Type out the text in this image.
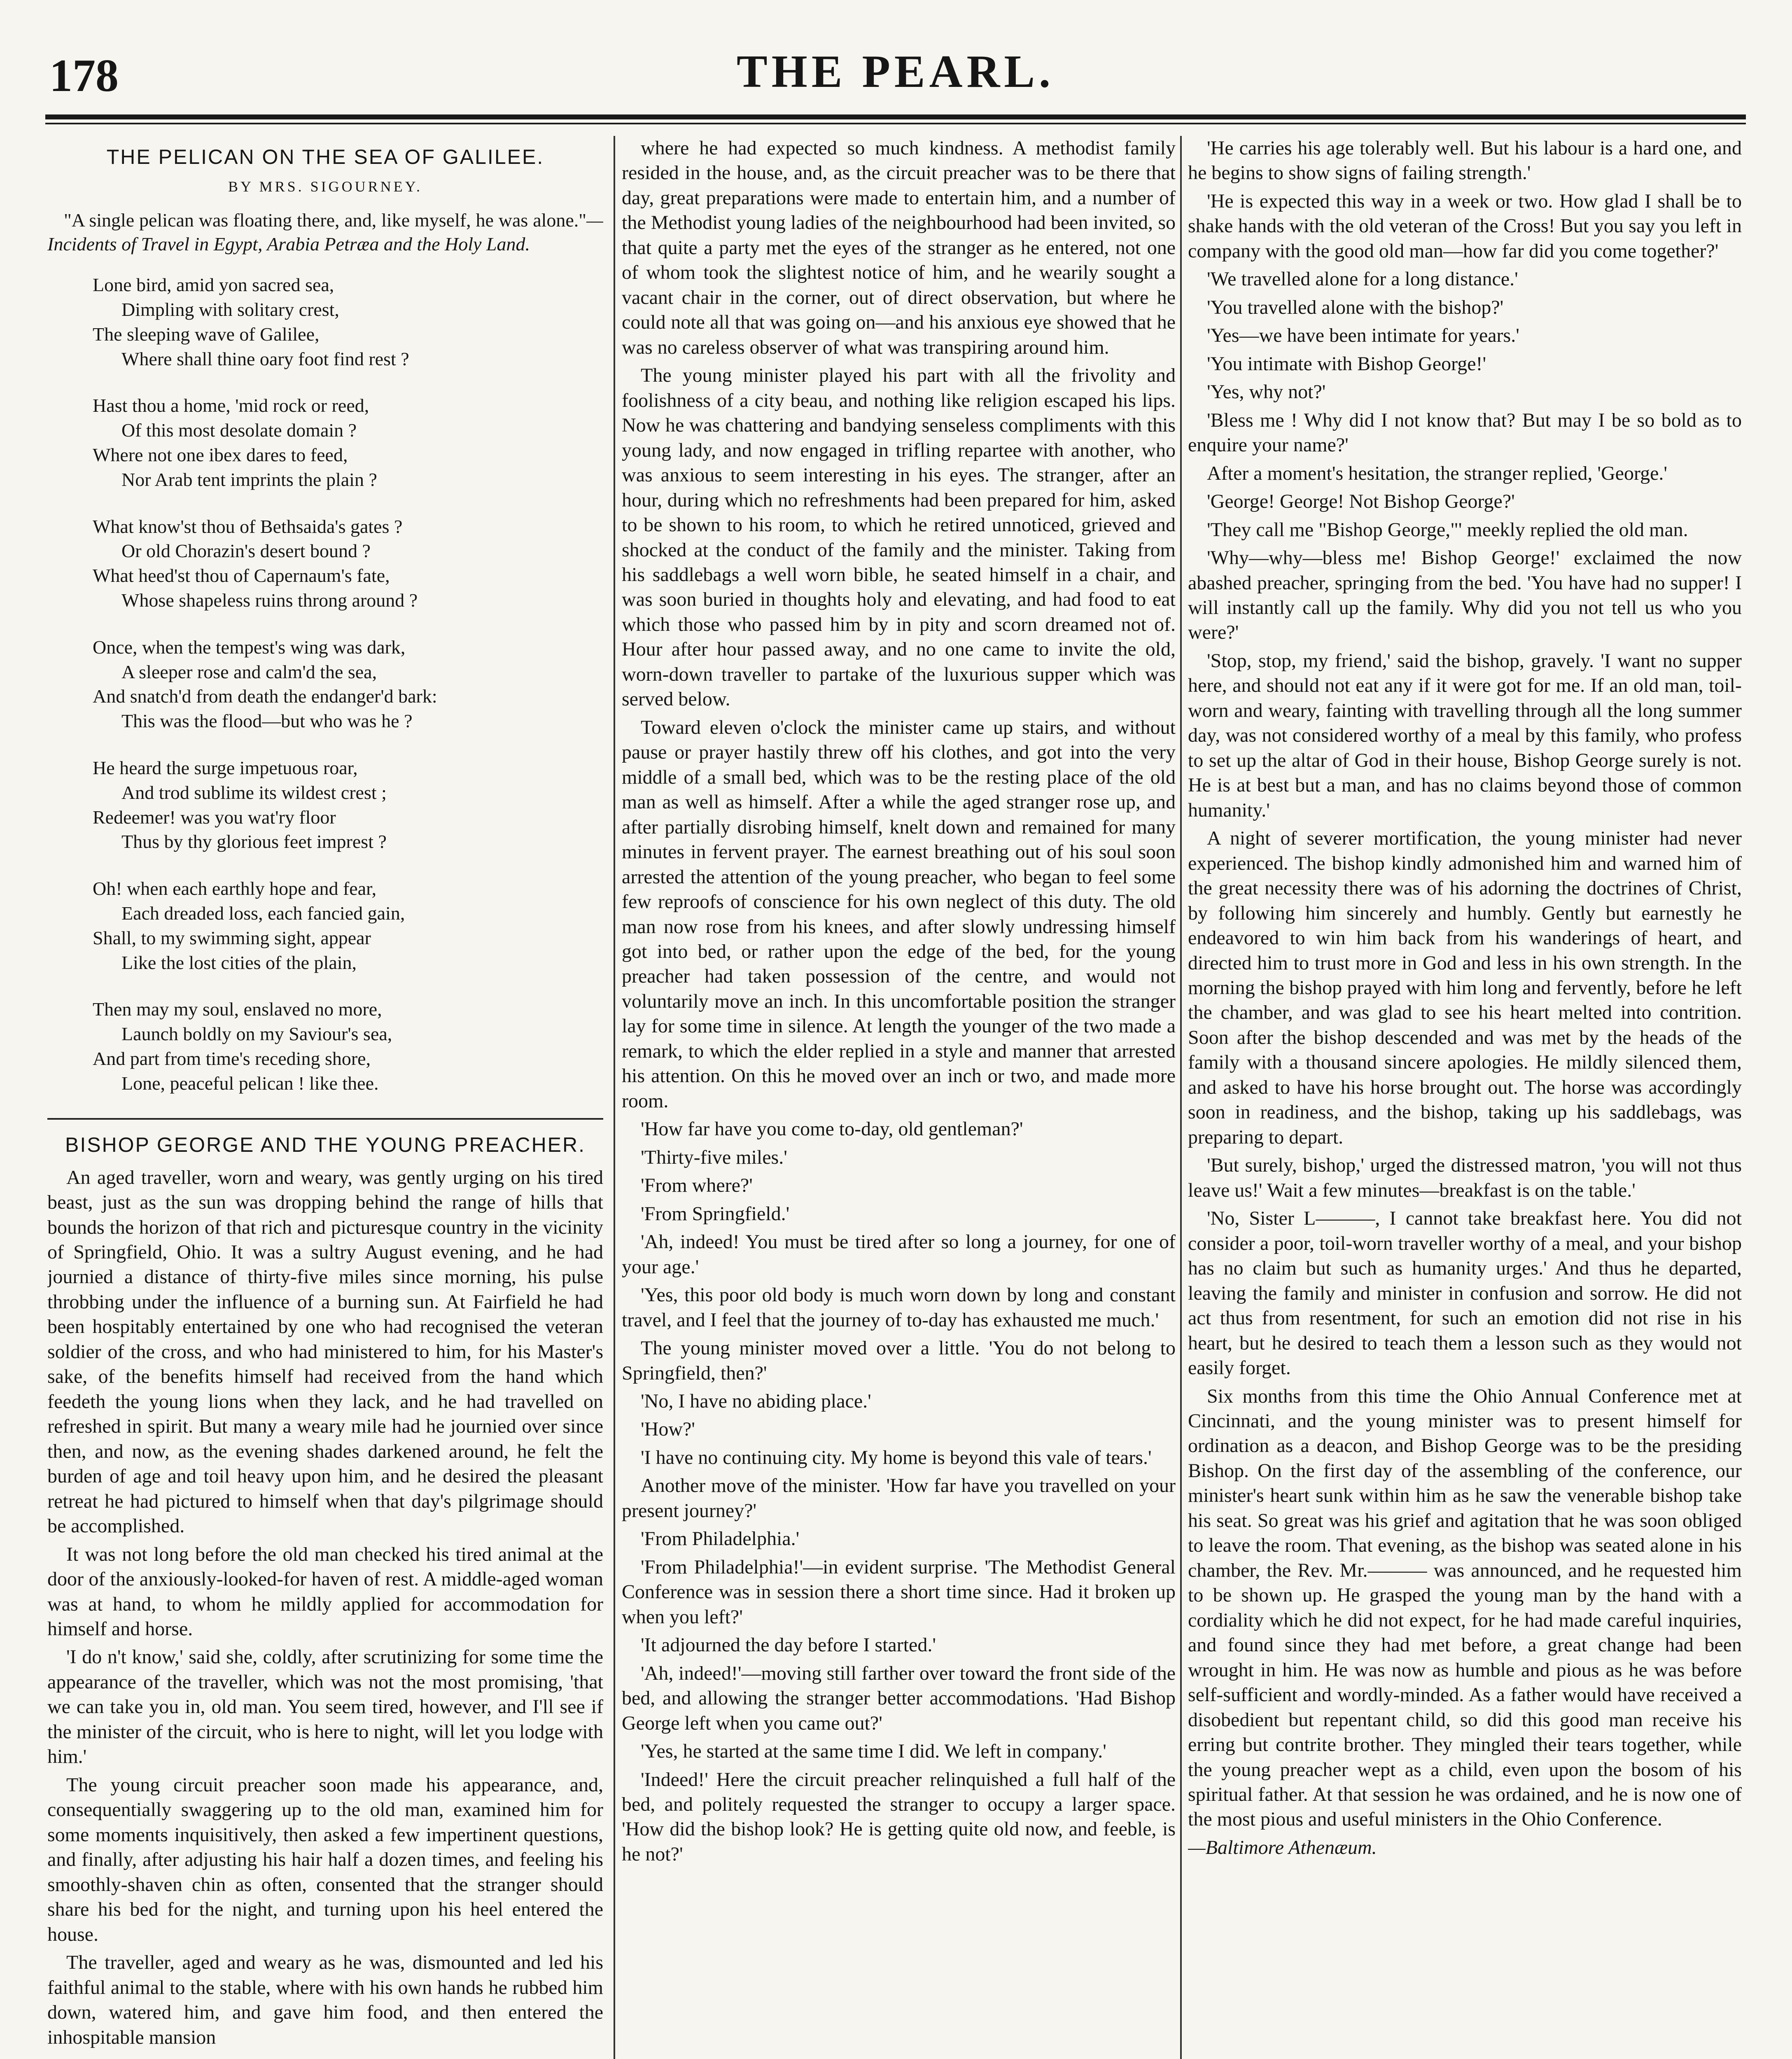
THE PEARL.
178
THE PELICAN ON THE SEA OF GALILEE.
BY MRS. SIGOURNEY.

"A single pelican was floating there, and, like myself, he was alone."—Incidents of Travel in Egypt, Arabia Petræa and the Holy Land.

Lone bird, amid yon sacred sea,
Dimpling with solitary crest,
The sleeping wave of Galilee,
Where shall thine oary foot find rest ?
Hast thou a home, 'mid rock or reed,
Of this most desolate domain ?
Where not one ibex dares to feed,
Nor Arab tent imprints the plain ?
What know'st thou of Bethsaida's gates ?
Or old Chorazin's desert bound ?
What heed'st thou of Capernaum's fate,
Whose shapeless ruins throng around ?
Once, when the tempest's wing was dark,
A sleeper rose and calm'd the sea,
And snatch'd from death the endanger'd bark:
This was the flood—but who was he ?
He heard the surge impetuous roar,
And trod sublime its wildest crest ;
Redeemer! was you wat'ry floor
Thus by thy glorious feet imprest ?
Oh! when each earthly hope and fear,
Each dreaded loss, each fancied gain,
Shall, to my swimming sight, appear
Like the lost cities of the plain,
Then may my soul, enslaved no more,
Launch boldly on my Saviour's sea,
And part from time's receding shore,
Lone, peaceful pelican ! like thee.
BISHOP GEORGE AND THE YOUNG PREACHER.

An aged traveller, worn and weary, was gently urging on his tired beast, just as the sun was dropping behind the range of hills that bounds the horizon of that rich and picturesque country in the vicinity of Springfield, Ohio. It was a sultry August evening, and he had journied a distance of thirty-five miles since morning, his pulse throbbing under the influence of a burning sun. At Fairfield he had been hospitably entertained by one who had recognised the veteran soldier of the cross, and who had ministered to him, for his Master's sake, of the benefits himself had received from the hand which feedeth the young lions when they lack, and he had travelled on refreshed in spirit. But many a weary mile had he journied over since then, and now, as the evening shades darkened around, he felt the burden of age and toil heavy upon him, and he desired the pleasant retreat he had pictured to himself when that day's pilgrimage should be accomplished.

It was not long before the old man checked his tired animal at the door of the anxiously-looked-for haven of rest. A middle-aged woman was at hand, to whom he mildly applied for accommodation for himself and horse.

'I do n't know,' said she, coldly, after scrutinizing for some time the appearance of the traveller, which was not the most promising, 'that we can take you in, old man. You seem tired, however, and I'll see if the minister of the circuit, who is here to night, will let you lodge with him.'

The young circuit preacher soon made his appearance, and, consequentially swaggering up to the old man, examined him for some moments inquisitively, then asked a few impertinent questions, and finally, after adjusting his hair half a dozen times, and feeling his smoothly-shaven chin as often, consented that the stranger should share his bed for the night, and turning upon his heel entered the house.

The traveller, aged and weary as he was, dismounted and led his faithful animal to the stable, where with his own hands he rubbed him down, watered him, and gave him food, and then entered the inhospitable mansion

where he had expected so much kindness. A methodist family resided in the house, and, as the circuit preacher was to be there that day, great preparations were made to entertain him, and a number of the Methodist young ladies of the neighbourhood had been invited, so that quite a party met the eyes of the stranger as he entered, not one of whom took the slightest notice of him, and he wearily sought a vacant chair in the corner, out of direct observation, but where he could note all that was going on—and his anxious eye showed that he was no careless observer of what was transpiring around him.

The young minister played his part with all the frivolity and foolishness of a city beau, and nothing like religion escaped his lips. Now he was chattering and bandying senseless compliments with this young lady, and now engaged in trifling repartee with another, who was anxious to seem interesting in his eyes. The stranger, after an hour, during which no refreshments had been prepared for him, asked to be shown to his room, to which he retired unnoticed, grieved and shocked at the conduct of the family and the minister. Taking from his saddlebags a well worn bible, he seated himself in a chair, and was soon buried in thoughts holy and elevating, and had food to eat which those who passed him by in pity and scorn dreamed not of. Hour after hour passed away, and no one came to invite the old, worn-down traveller to partake of the luxurious supper which was served below.

Toward eleven o'clock the minister came up stairs, and without pause or prayer hastily threw off his clothes, and got into the very middle of a small bed, which was to be the resting place of the old man as well as himself. After a while the aged stranger rose up, and after partially disrobing himself, knelt down and remained for many minutes in fervent prayer. The earnest breathing out of his soul soon arrested the attention of the young preacher, who began to feel some few reproofs of conscience for his own neglect of this duty. The old man now rose from his knees, and after slowly undressing himself got into bed, or rather upon the edge of the bed, for the young preacher had taken possession of the centre, and would not voluntarily move an inch. In this uncomfortable position the stranger lay for some time in silence. At length the younger of the two made a remark, to which the elder replied in a style and manner that arrested his attention. On this he moved over an inch or two, and made more room.

'How far have you come to-day, old gentleman?'

'Thirty-five miles.'

'From where?'

'From Springfield.'

'Ah, indeed! You must be tired after so long a journey, for one of your age.'

'Yes, this poor old body is much worn down by long and constant travel, and I feel that the journey of to-day has exhausted me much.'

The young minister moved over a little. 'You do not belong to Springfield, then?'

'No, I have no abiding place.'

'How?'

'I have no continuing city. My home is beyond this vale of tears.'

Another move of the minister. 'How far have you travelled on your present journey?'

'From Philadelphia.'

'From Philadelphia!'—in evident surprise. 'The Methodist General Conference was in session there a short time since. Had it broken up when you left?'

'It adjourned the day before I started.'

'Ah, indeed!'—moving still farther over toward the front side of the bed, and allowing the stranger better accommodations. 'Had Bishop George left when you came out?'

'Yes, he started at the same time I did. We left in company.'

'Indeed!' Here the circuit preacher relinquished a full half of the bed, and politely requested the stranger to occupy a larger space. 'How did the bishop look? He is getting quite old now, and feeble, is he not?'

'He carries his age tolerably well. But his labour is a hard one, and he begins to show signs of failing strength.'

'He is expected this way in a week or two. How glad I shall be to shake hands with the old veteran of the Cross! But you say you left in company with the good old man—how far did you come together?'

'We travelled alone for a long distance.'

'You travelled alone with the bishop?'

'Yes—we have been intimate for years.'

'You intimate with Bishop George!'

'Yes, why not?'

'Bless me ! Why did I not know that? But may I be so bold as to enquire your name?'

After a moment's hesitation, the stranger replied, 'George.'

'George! George! Not Bishop George?'

'They call me "Bishop George,"' meekly replied the old man.

'Why—why—bless me! Bishop George!' exclaimed the now abashed preacher, springing from the bed. 'You have had no supper! I will instantly call up the family. Why did you not tell us who you were?'

'Stop, stop, my friend,' said the bishop, gravely. 'I want no supper here, and should not eat any if it were got for me. If an old man, toil-worn and weary, fainting with travelling through all the long summer day, was not considered worthy of a meal by this family, who profess to set up the altar of God in their house, Bishop George surely is not. He is at best but a man, and has no claims beyond those of common humanity.'

A night of severer mortification, the young minister had never experienced. The bishop kindly admonished him and warned him of the great necessity there was of his adorning the doctrines of Christ, by following him sincerely and humbly. Gently but earnestly he endeavored to win him back from his wanderings of heart, and directed him to trust more in God and less in his own strength. In the morning the bishop prayed with him long and fervently, before he left the chamber, and was glad to see his heart melted into contrition. Soon after the bishop descended and was met by the heads of the family with a thousand sincere apologies. He mildly silenced them, and asked to have his horse brought out. The horse was accordingly soon in readiness, and the bishop, taking up his saddlebags, was preparing to depart.

'But surely, bishop,' urged the distressed matron, 'you will not thus leave us!' Wait a few minutes—breakfast is on the table.'

'No, Sister L———, I cannot take breakfast here. You did not consider a poor, toil-worn traveller worthy of a meal, and your bishop has no claim but such as humanity urges.' And thus he departed, leaving the family and minister in confusion and sorrow. He did not act thus from resentment, for such an emotion did not rise in his heart, but he desired to teach them a lesson such as they would not easily forget.

Six months from this time the Ohio Annual Conference met at Cincinnati, and the young minister was to present himself for ordination as a deacon, and Bishop George was to be the presiding Bishop. On the first day of the assembling of the conference, our minister's heart sunk within him as he saw the venerable bishop take his seat. So great was his grief and agitation that he was soon obliged to leave the room. That evening, as the bishop was seated alone in his chamber, the Rev. Mr.——— was announced, and he requested him to be shown up. He grasped the young man by the hand with a cordiality which he did not expect, for he had made careful inquiries, and found since they had met before, a great change had been wrought in him. He was now as humble and pious as he was before self-sufficient and wordly-minded. As a father would have received a disobedient but repentant child, so did this good man receive his erring but contrite brother. They mingled their tears together, while the young preacher wept as a child, even upon the bosom of his spiritual father. At that session he was ordained, and he is now one of the most pious and useful ministers in the Ohio Conference.

—Baltimore Athenæum.
